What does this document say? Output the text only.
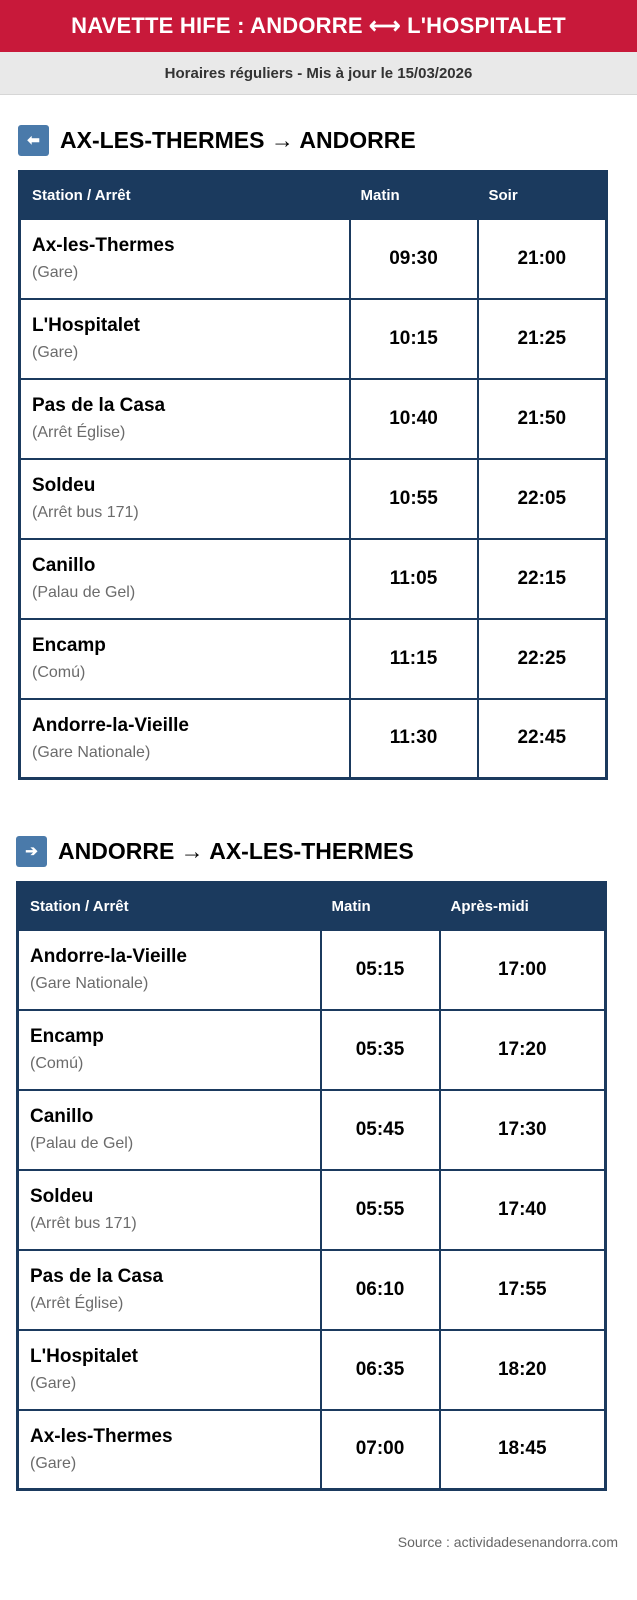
NAVETTE HIFE : ANDORRE ⟷ L'HOSPITALET
Horaires réguliers - Mis à jour le 15/03/2026
⬅ AX-LES-THERMES → ANDORRE
Station / Arrêt	Matin	Soir

Ax-les-Thermes
(Gare)	09:30	21:00

L'Hospitalet
(Gare)	10:15	21:25

Pas de la Casa
(Arrêt Église)	10:40	21:50

Soldeu
(Arrêt bus 171)	10:55	22:05

Canillo
(Palau de Gel)	11:05	22:15

Encamp
(Comú)	11:15	22:25

Andorre-la-Vieille
(Gare Nationale)	11:30	22:45
➔ ANDORRE → AX-LES-THERMES
Station / Arrêt	Matin	Après-midi

Andorre-la-Vieille
(Gare Nationale)	05:15	17:00

Encamp
(Comú)	05:35	17:20

Canillo
(Palau de Gel)	05:45	17:30

Soldeu
(Arrêt bus 171)	05:55	17:40

Pas de la Casa
(Arrêt Église)	06:10	17:55

L'Hospitalet
(Gare)	06:35	18:20

Ax-les-Thermes
(Gare)	07:00	18:45
Source : actividadesenandorra.com
